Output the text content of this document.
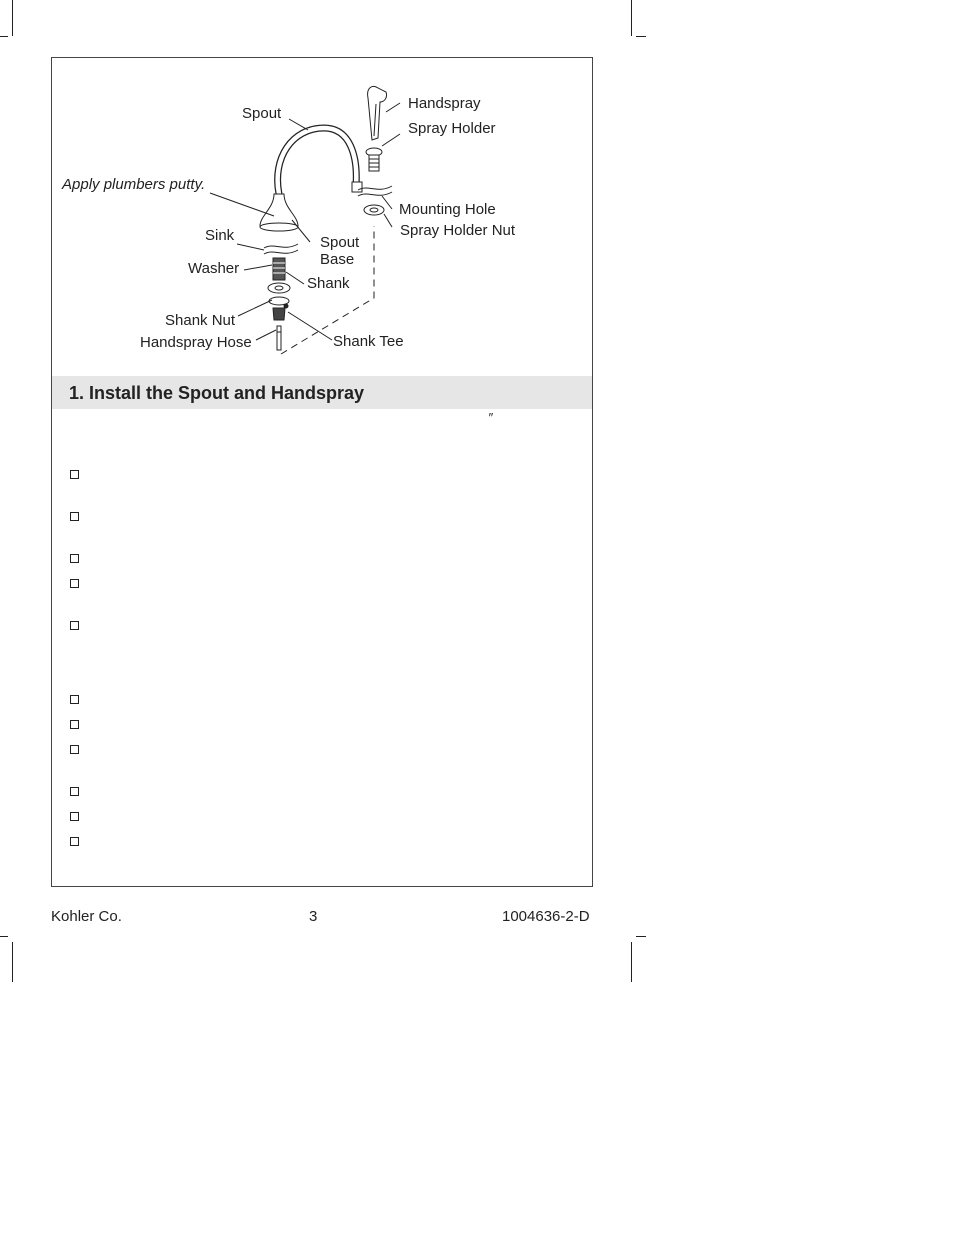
Spout
Handspray
Spray Holder
Apply plumbers putty.
Mounting Hole
Spray Holder Nut
Sink	Spout
Base
Washer
Shank
Shank Nut
Handspray Hose	Shank Tee
1. Install the Spout and Handspray
″
Kohler Co.	3	1004636-2-D
